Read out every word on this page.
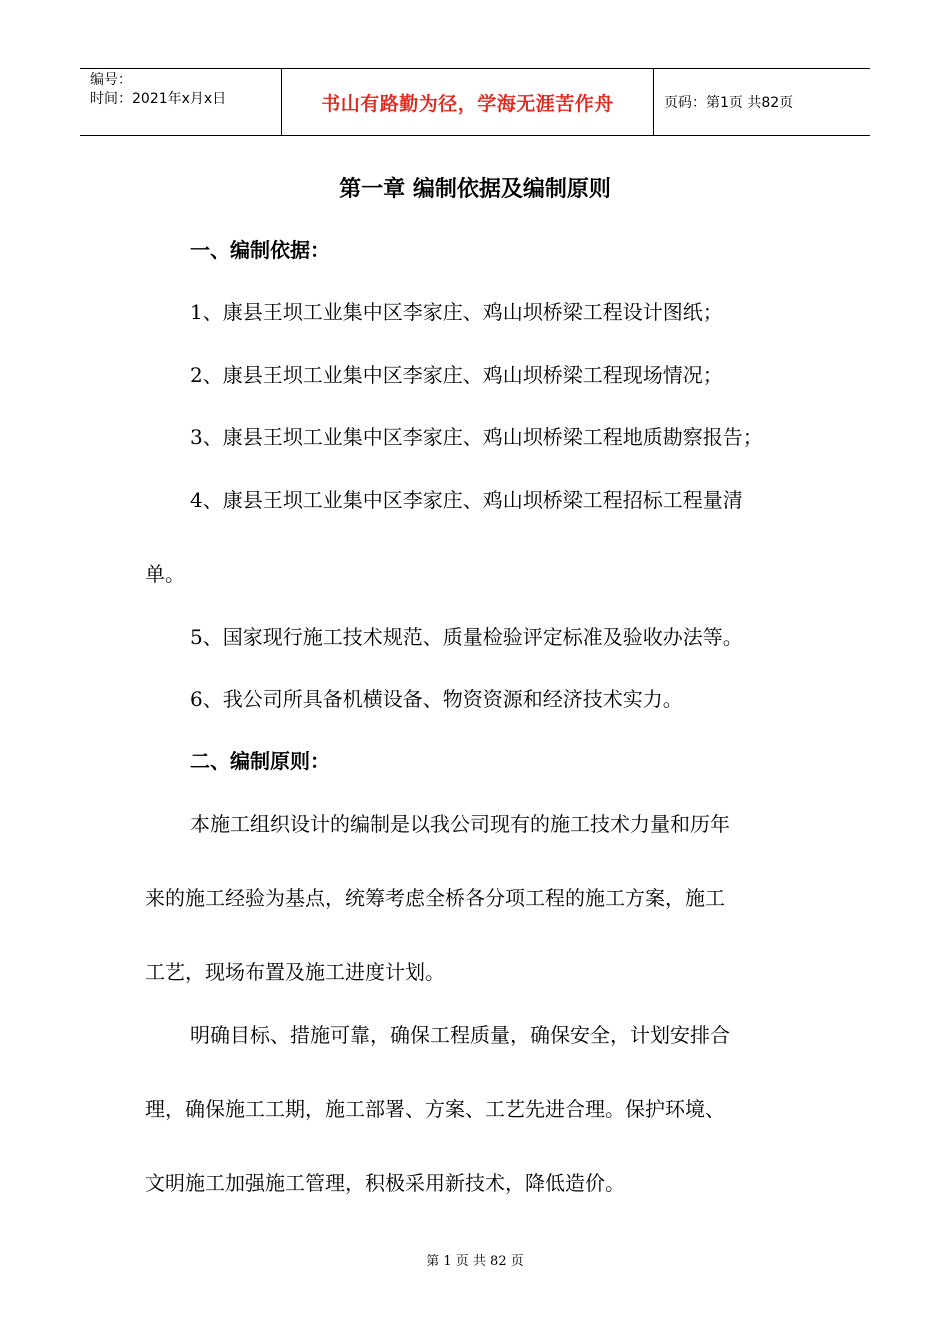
编号：
时间：2021年x月x日	书山有路勤为径，学海无涯苦作舟	页码：第1页 共82页
第一章 编制依据及编制原则
一、编制依据：
1、康县王坝工业集中区李家庄、鸡山坝桥梁工程设计图纸；
2、康县王坝工业集中区李家庄、鸡山坝桥梁工程现场情况；
3、康县王坝工业集中区李家庄、鸡山坝桥梁工程地质勘察报告；
4、康县王坝工业集中区李家庄、鸡山坝桥梁工程招标工程量清
单。
5、国家现行施工技术规范、质量检验评定标准及验收办法等。
6、我公司所具备机横设备、物资资源和经济技术实力。
二、编制原则：
本施工组织设计的编制是以我公司现有的施工技术力量和历年
来的施工经验为基点，统筹考虑全桥各分项工程的施工方案，施工
工艺，现场布置及施工进度计划。
明确目标、措施可靠，确保工程质量，确保安全，计划安排合
理，确保施工工期，施工部署、方案、工艺先进合理。保护环境、
文明施工加强施工管理，积极采用新技术，降低造价。
第 1 页 共 82 页
